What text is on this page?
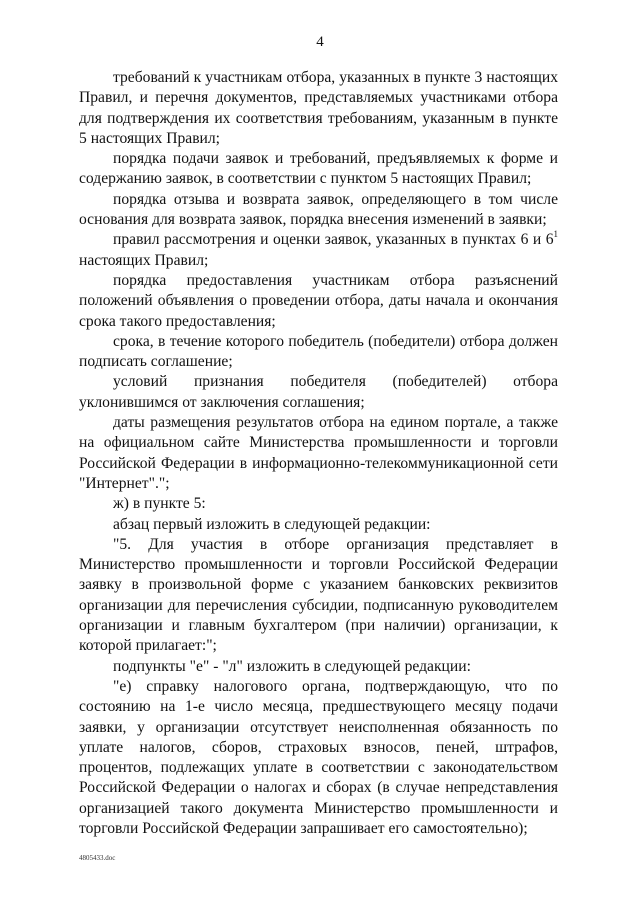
4

требований к участникам отбора, указанных в пункте 3 настоящих Правил, и перечня документов, представляемых участниками отбора для подтверждения их соответствия требованиям, указанным в пункте 5 настоящих Правил;

порядка подачи заявок и требований, предъявляемых к форме и содержанию заявок, в соответствии с пунктом 5 настоящих Правил;

порядка отзыва и возврата заявок, определяющего в том числе основания для возврата заявок, порядка внесения изменений в заявки;

правил рассмотрения и оценки заявок, указанных в пунктах 6 и $6^1$

настоящих Правил;

порядка предоставления участникам отбора разъяснений положений объявления о проведении отбора, даты начала и окончания срока такого предоставления;

срока, в течение которого победитель (победители) отбора должен подписать соглашение;

условий признания победителя (победителей) отбора уклонившимся от заключения соглашения;

даты размещения результатов отбора на едином портале, а также на официальном сайте Министерства промышленности и торговли Российской Федерации в информационно-телекоммуникационной сети "Интернет".";

ж) в пункте 5:

абзац первый изложить в следующей редакции:

"5. Для участия в отборе организация представляет в Министерство промышленности и торговли Российской Федерации заявку в произвольной форме с указанием банковских реквизитов организации для перечисления субсидии, подписанную руководителем организации и главным бухгалтером (при наличии) организации, к которой прилагает:";

подпункты "е" - "л" изложить в следующей редакции:

"е) справку налогового органа, подтверждающую, что по состоянию на 1-е число месяца, предшествующего месяцу подачи заявки, у организации отсутствует неисполненная обязанность по уплате налогов, сборов, страховых взносов, пеней, штрафов, процентов, подлежащих уплате в соответствии с законодательством Российской Федерации о налогах и сборах (в случае непредставления организацией такого документа Министерство промышленности и торговли Российской Федерации запрашивает его самостоятельно);

4805433.doc
